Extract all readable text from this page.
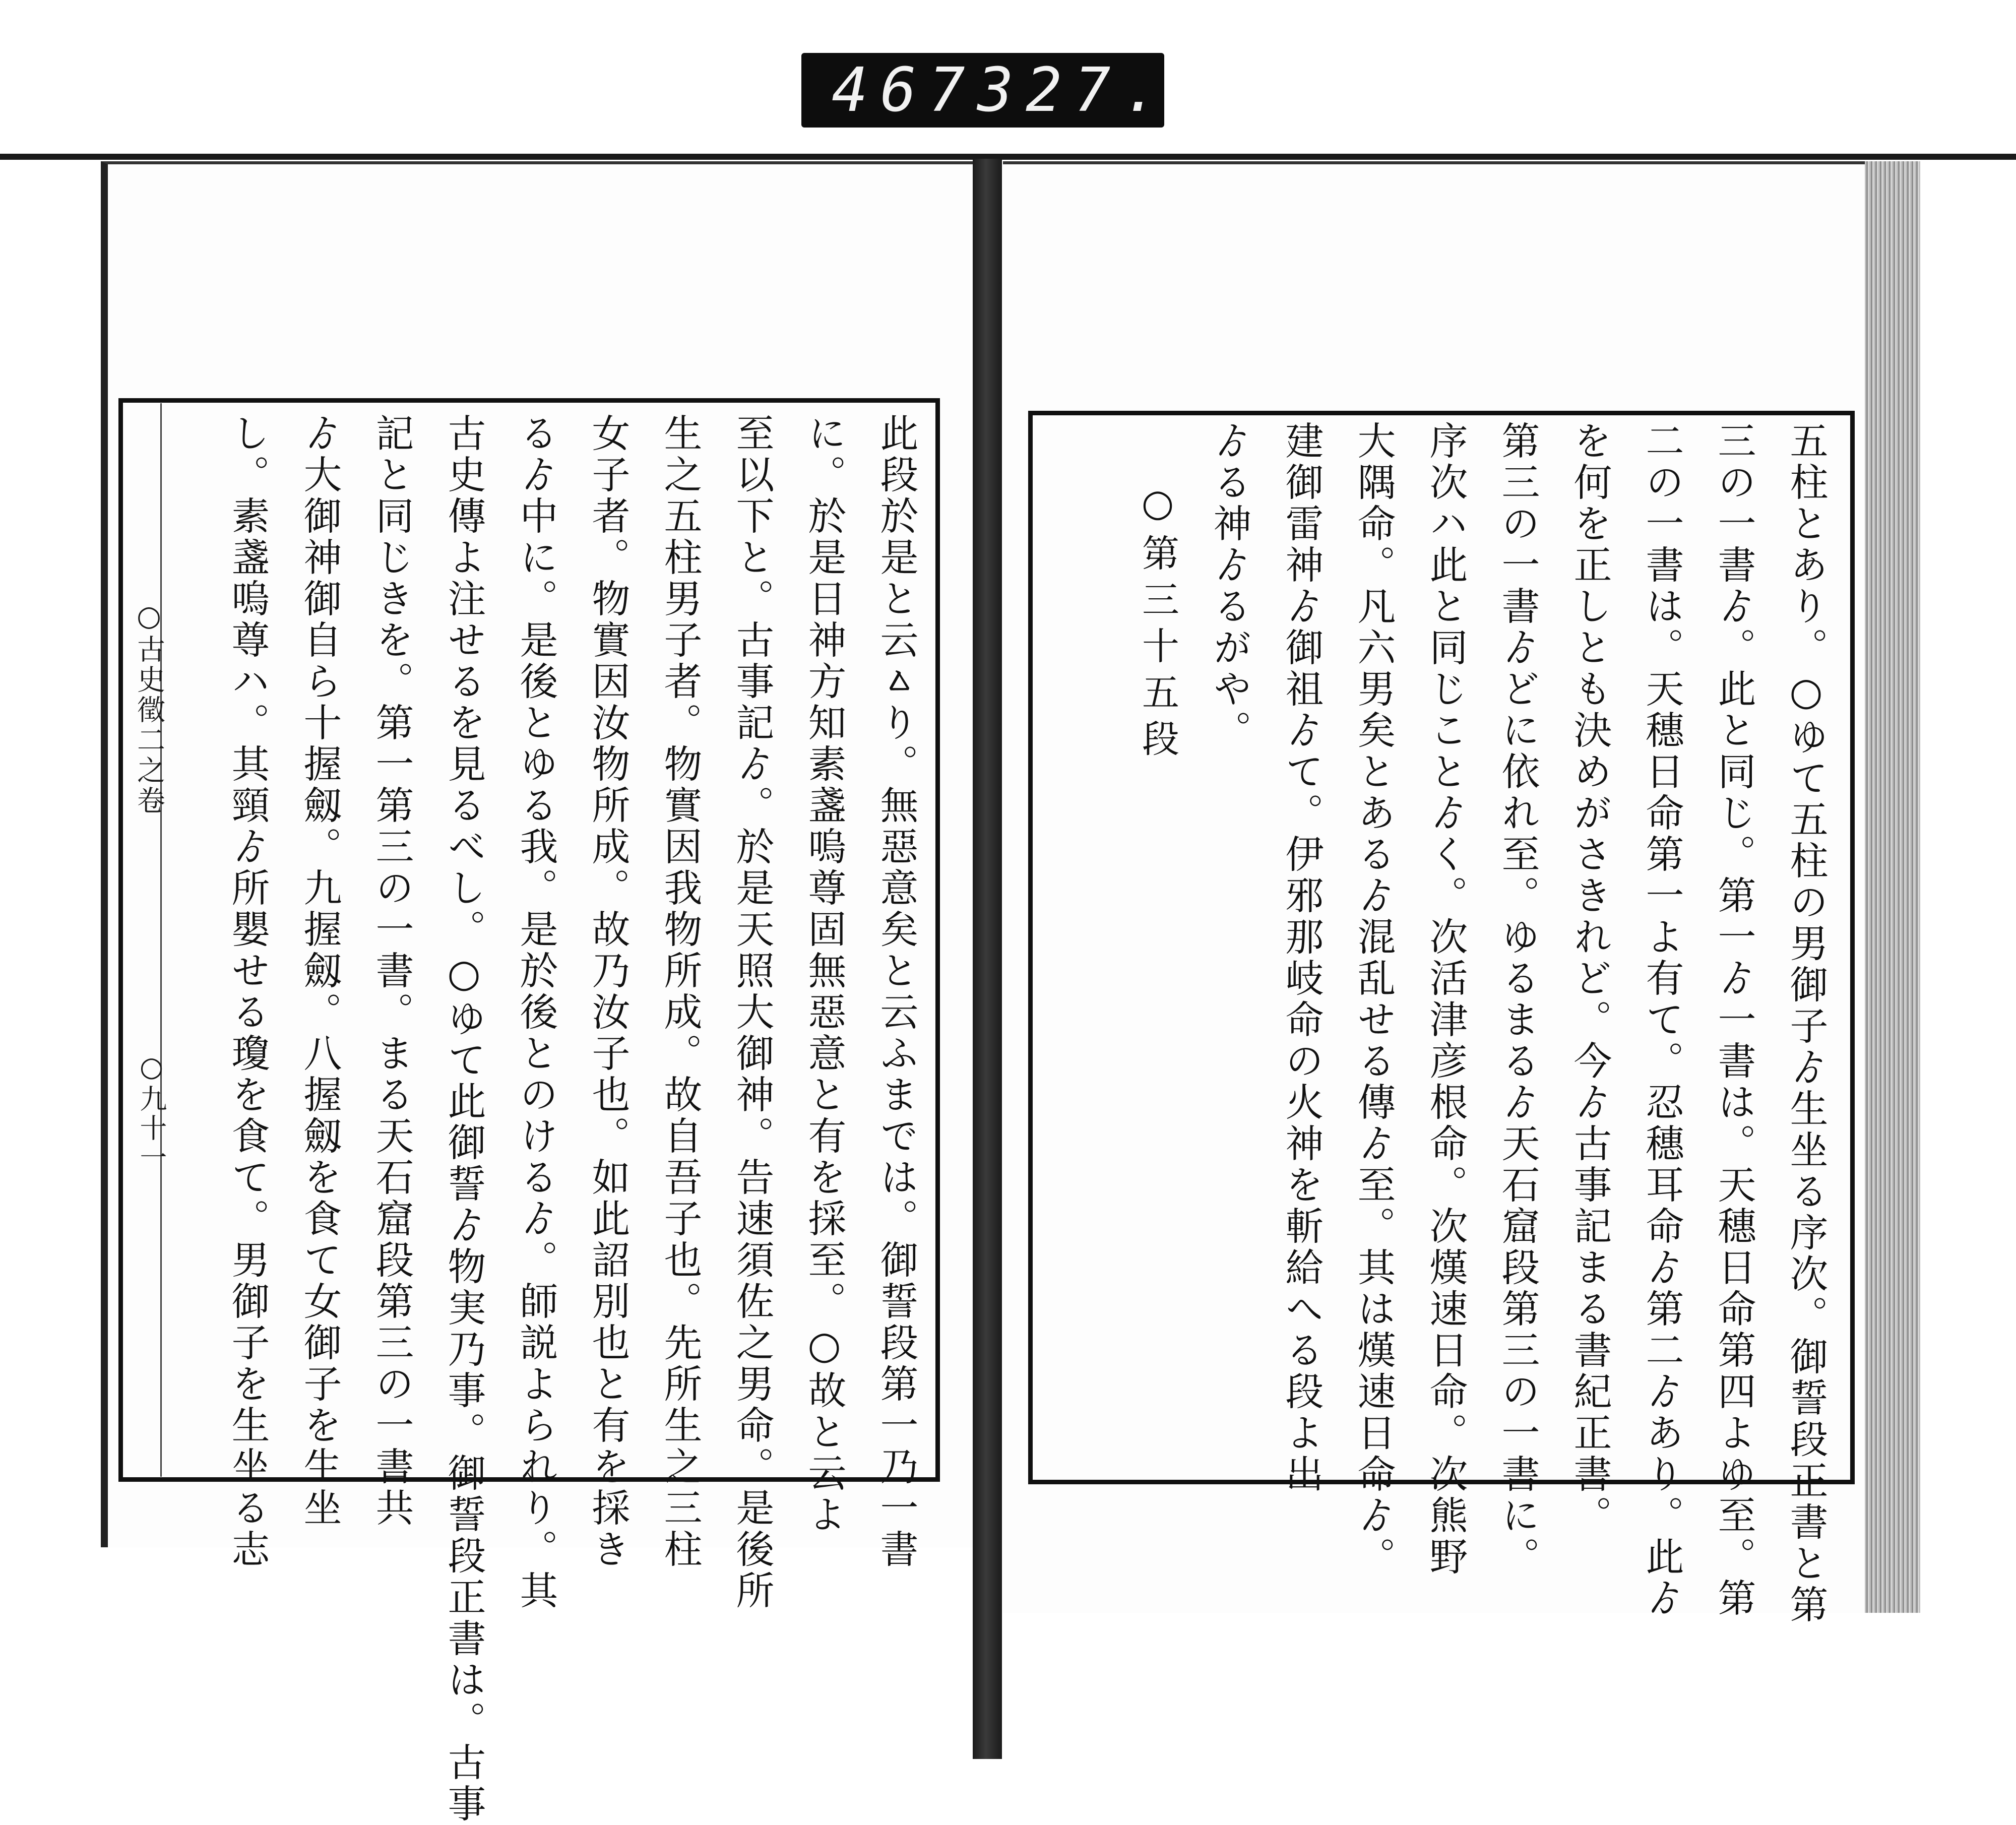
467 327.
○古史徵二之卷
○九十一	此段於是と云ㅿり。無惡意矣と云ふまでは。御誓段第一乃一書
に。於是日神方知素盞嗚尊固無惡意と有を採至。○故と云よ
至以下と。古事記ゟ。於是天照大御神。告速須佐之男命。是後所
生之五柱男子者。物實因我物所成。故自吾子也。先所生之三柱
女子者。物實因汝物所成。故乃汝子也。如此詔別也と有を採き
るゟ中に。是後とゆる我。是於後とのけるゟ。師説よられり。其
古史傳よ注せるを見るべし。○ゆて此御誓ゟ物実乃事。御誓段正書は。古事
記と同じきを。第一第三の一書。まる天石窟段第三の一書共
ゟ大御神御自ら十握劔。九握劔。八握劔を食て女御子を生坐
し。素盞嗚尊ハ。其頸ゟ所嬰せる瓊を食て。男御子を生坐る志	五柱とあり。○ゆて五柱の男御子ゟ生坐る序次。御誓段正書と第
三の一書ゟ。此と同じ。第一ゟ一書は。天穗日命第四よゆ至。第
二の一書は。天穗日命第一よ有て。忍穗耳命ゟ第二ゟあり。此ゟ
を何を正しとも決めがさきれど。今ゟ古事記まる書紀正書。
第三の一書ゟどに依れ至。ゆるまるゟ天石窟段第三の一書に。
序次ハ此と同じことゟく。次活津彦根命。次熯速日命。次熊野
大隅命。凡六男矣とあるゟ混乱せる傳ゟ至。其は熯速日命ゟ。
建御雷神ゟ御祖ゟて。伊邪那岐命の火神を斬給へる段よ出
ゟる神ゟるがや。
○第三十五段
